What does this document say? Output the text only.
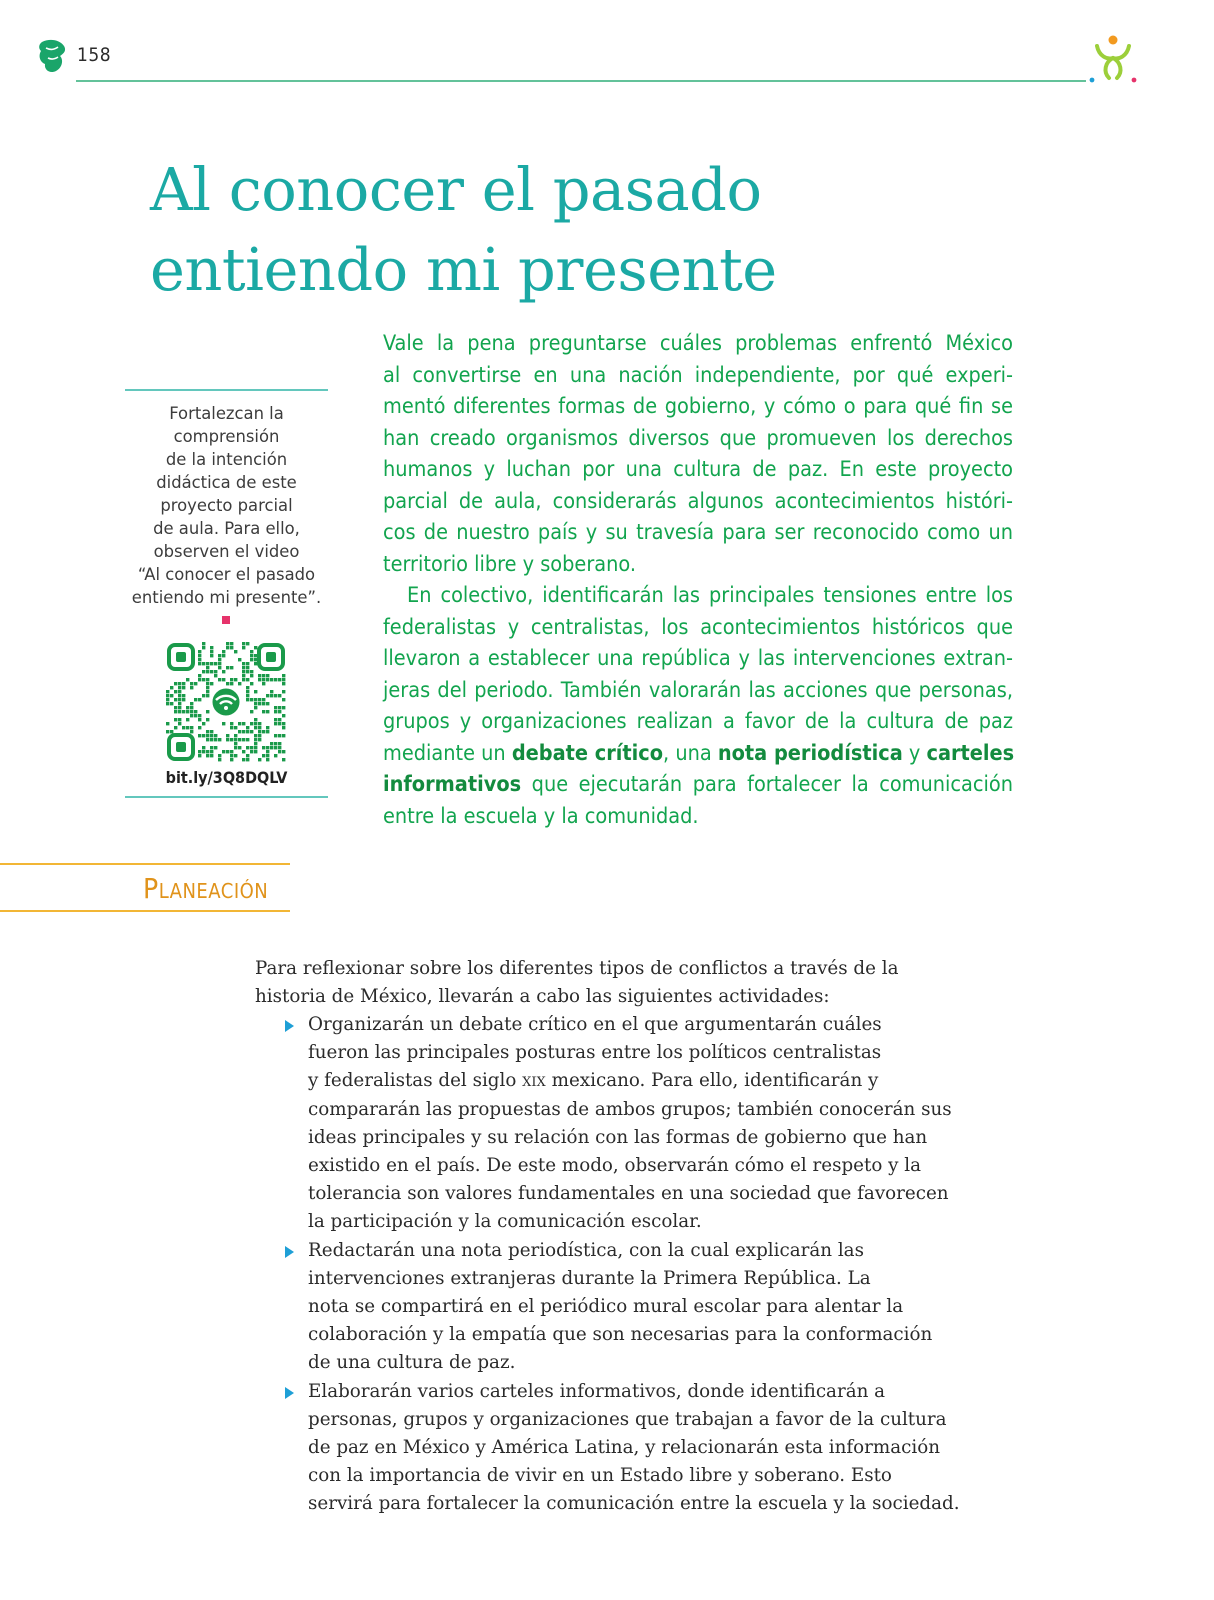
158
Al conocer el pasado
entiendo mi presente
Fortalezcan la
comprensión
de la intención
didáctica de este
proyecto parcial
de aula. Para ello,
observen el video
“Al conocer el pasado
entiendo mi presente”.
bit.ly/3Q8DQLV
Vale la pena preguntarse cuáles problemas enfrentó México
al convertirse en una nación independiente, por qué experi-
mentó diferentes formas de gobierno, y cómo o para qué fin se
han creado organismos diversos que promueven los derechos
humanos y luchan por una cultura de paz. En este proyecto
parcial de aula, considerarás algunos acontecimientos históri-
cos de nuestro país y su travesía para ser reconocido como un
territorio libre y soberano.
En colectivo, identificarán las principales tensiones entre los
federalistas y centralistas, los acontecimientos históricos que
llevaron a establecer una república y las intervenciones extran-
jeras del periodo. También valorarán las acciones que personas,
grupos y organizaciones realizan a favor de la cultura de paz
mediante un debate crítico, una nota periodística y carteles
informativos que ejecutarán para fortalecer la comunicación
entre la escuela y la comunidad.
Planeación
Para reflexionar sobre los diferentes tipos de conflictos a través de la
historia de México, llevarán a cabo las siguientes actividades:
Organizarán un debate crítico en el que argumentarán cuáles
fueron las principales posturas entre los políticos centralistas
y federalistas del siglo xix mexicano. Para ello, identificarán y
compararán las propuestas de ambos grupos; también conocerán sus
ideas principales y su relación con las formas de gobierno que han
existido en el país. De este modo, observarán cómo el respeto y la
tolerancia son valores fundamentales en una sociedad que favorecen
la participación y la comunicación escolar.
Redactarán una nota periodística, con la cual explicarán las
intervenciones extranjeras durante la Primera República. La
nota se compartirá en el periódico mural escolar para alentar la
colaboración y la empatía que son necesarias para la conformación
de una cultura de paz.
Elaborarán varios carteles informativos, donde identificarán a
personas, grupos y organizaciones que trabajan a favor de la cultura
de paz en México y América Latina, y relacionarán esta información
con la importancia de vivir en un Estado libre y soberano. Esto
servirá para fortalecer la comunicación entre la escuela y la sociedad.
